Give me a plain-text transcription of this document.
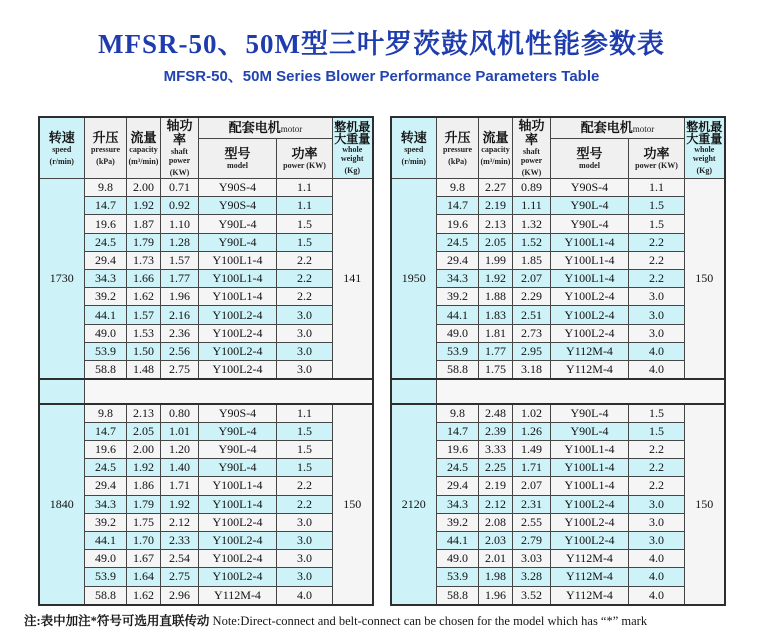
MFSR-50、50M型三叶罗茨鼓风机性能参数表
MFSR-50、50M Series Blower Performance Parameters Table
转速
speed
(r/min)

升压
pressure
(kPa)

流量
capacity
(m³/min)

轴功率
shaft power
(KW)
	配套电机motor	整机最大重量
whole weight
(Kg)

型号
model

功率
power (KW)

1730	9.8	2.00	0.71	Y90S-4	1.1	141
	14.7	1.92	0.92	Y90S-4	1.1	
	19.6	1.87	1.10	Y90L-4	1.5	
	24.5	1.79	1.28	Y90L-4	1.5	
	29.4	1.73	1.57	Y100L1-4	2.2	
	34.3	1.66	1.77	Y100L1-4	2.2	
	39.2	1.62	1.96	Y100L1-4	2.2	
	44.1	1.57	2.16	Y100L2-4	3.0	
	49.0	1.53	2.36	Y100L2-4	3.0	
	53.9	1.50	2.56	Y100L2-4	3.0	
	58.8	1.48	2.75	Y100L2-4	3.0	

1840	9.8	2.13	0.80	Y90S-4	1.1	150
	14.7	2.05	1.01	Y90L-4	1.5	
	19.6	2.00	1.20	Y90L-4	1.5	
	24.5	1.92	1.40	Y90L-4	1.5	
	29.4	1.86	1.71	Y100L1-4	2.2	
	34.3	1.79	1.92	Y100L1-4	2.2	
	39.2	1.75	2.12	Y100L2-4	3.0	
	44.1	1.70	2.33	Y100L2-4	3.0	
	49.0	1.67	2.54	Y100L2-4	3.0	
	53.9	1.64	2.75	Y100L2-4	3.0	
	58.8	1.62	2.96	Y112M-4	4.0	
转速
speed
(r/min)

升压
pressure
(kPa)

流量
capacity
(m³/min)

轴功率
shaft power
(KW)
	配套电机motor	整机最大重量
whole weight
(Kg)

型号
model

功率
power (KW)

1950	9.8	2.27	0.89	Y90S-4	1.1	150
	14.7	2.19	1.11	Y90L-4	1.5	
	19.6	2.13	1.32	Y90L-4	1.5	
	24.5	2.05	1.52	Y100L1-4	2.2	
	29.4	1.99	1.85	Y100L1-4	2.2	
	34.3	1.92	2.07	Y100L1-4	2.2	
	39.2	1.88	2.29	Y100L2-4	3.0	
	44.1	1.83	2.51	Y100L2-4	3.0	
	49.0	1.81	2.73	Y100L2-4	3.0	
	53.9	1.77	2.95	Y112M-4	4.0	
	58.8	1.75	3.18	Y112M-4	4.0	

2120	9.8	2.48	1.02	Y90L-4	1.5	150
	14.7	2.39	1.26	Y90L-4	1.5	
	19.6	3.33	1.49	Y100L1-4	2.2	
	24.5	2.25	1.71	Y100L1-4	2.2	
	29.4	2.19	2.07	Y100L1-4	2.2	
	34.3	2.12	2.31	Y100L2-4	3.0	
	39.2	2.08	2.55	Y100L2-4	3.0	
	44.1	2.03	2.79	Y100L2-4	3.0	
	49.0	2.01	3.03	Y112M-4	4.0	
	53.9	1.98	3.28	Y112M-4	4.0	
	58.8	1.96	3.52	Y112M-4	4.0	
注:表中加注*符号可选用直联传动 Note:Direct-connect and belt-connect can be chosen for the model which has “*” mark
